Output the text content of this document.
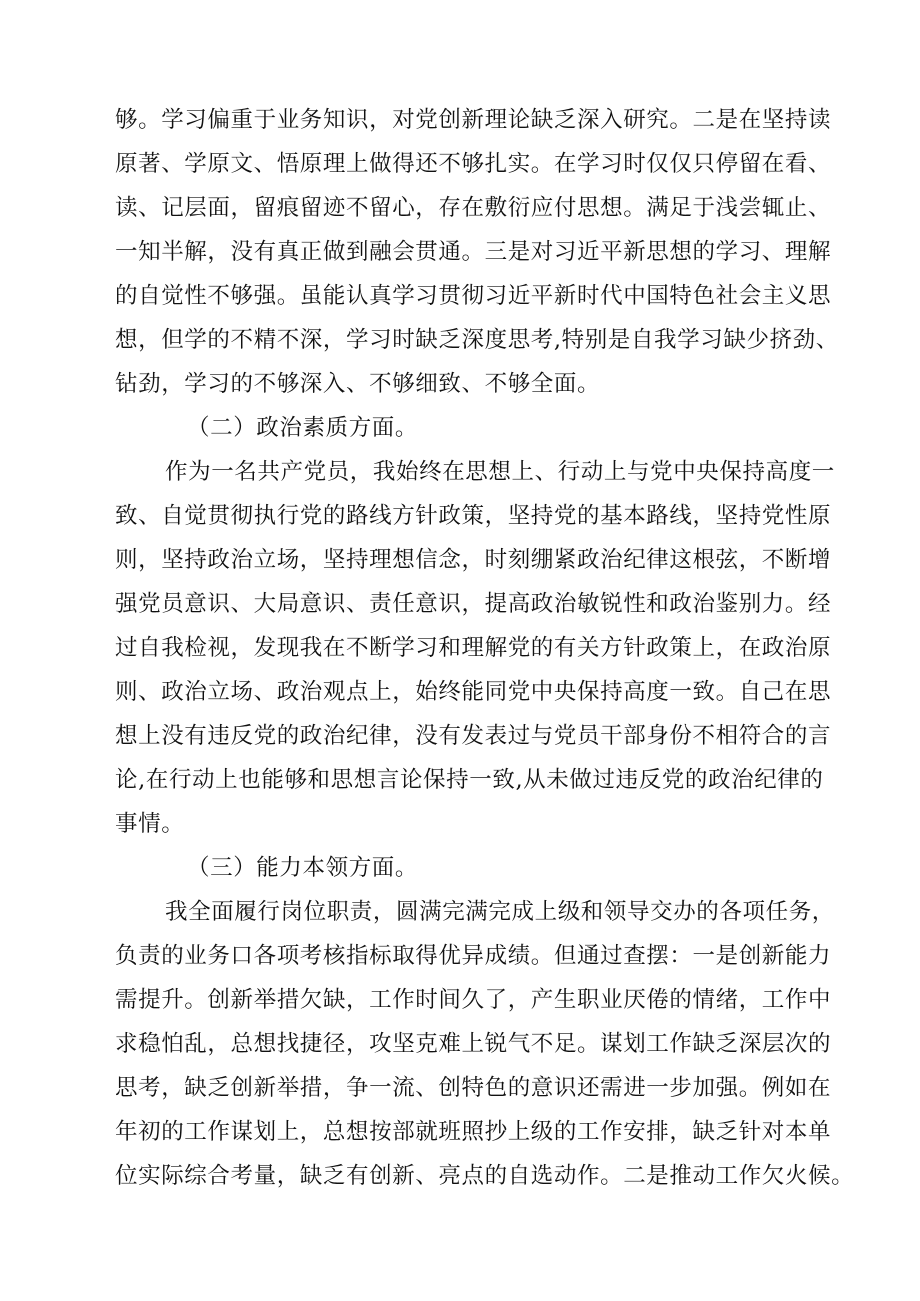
够。学习偏重于业务知识，对党创新理论缺乏深入研究。二是在坚持读
原著、学原文、悟原理上做得还不够扎实。在学习时仅仅只停留在看、
读、记层面，留痕留迹不留心，存在敷衍应付思想。满足于浅尝辄止、
一知半解，没有真正做到融会贯通。三是对习近平新思想的学习、理解
的自觉性不够强。虽能认真学习贯彻习近平新时代中国特色社会主义思
想，但学的不精不深，学习时缺乏深度思考,特别是自我学习缺少挤劲、
钻劲，学习的不够深入、不够细致、不够全面。
（二）政治素质方面。
作为一名共产党员，我始终在思想上、行动上与党中央保持高度一
致、自觉贯彻执行党的路线方针政策，坚持党的基本路线，坚持党性原
则，坚持政治立场，坚持理想信念，时刻绷紧政治纪律这根弦，不断增
强党员意识、大局意识、责任意识，提高政治敏锐性和政治鉴别力。经
过自我检视，发现我在不断学习和理解党的有关方针政策上，在政治原
则、政治立场、政治观点上，始终能同党中央保持高度一致。自己在思
想上没有违反党的政治纪律，没有发表过与党员干部身份不相符合的言
论,在行动上也能够和思想言论保持一致,从未做过违反党的政治纪律的
事情。
（三）能力本领方面。
我全面履行岗位职责，圆满完满完成上级和领导交办的各项任务，
负责的业务口各项考核指标取得优异成绩。但通过查摆：一是创新能力
需提升。创新举措欠缺，工作时间久了，产生职业厌倦的情绪，工作中
求稳怕乱，总想找捷径，攻坚克难上锐气不足。谋划工作缺乏深层次的
思考，缺乏创新举措，争一流、创特色的意识还需进一步加强。例如在
年初的工作谋划上，总想按部就班照抄上级的工作安排，缺乏针对本单
位实际综合考量，缺乏有创新、亮点的自选动作。二是推动工作欠火候。
